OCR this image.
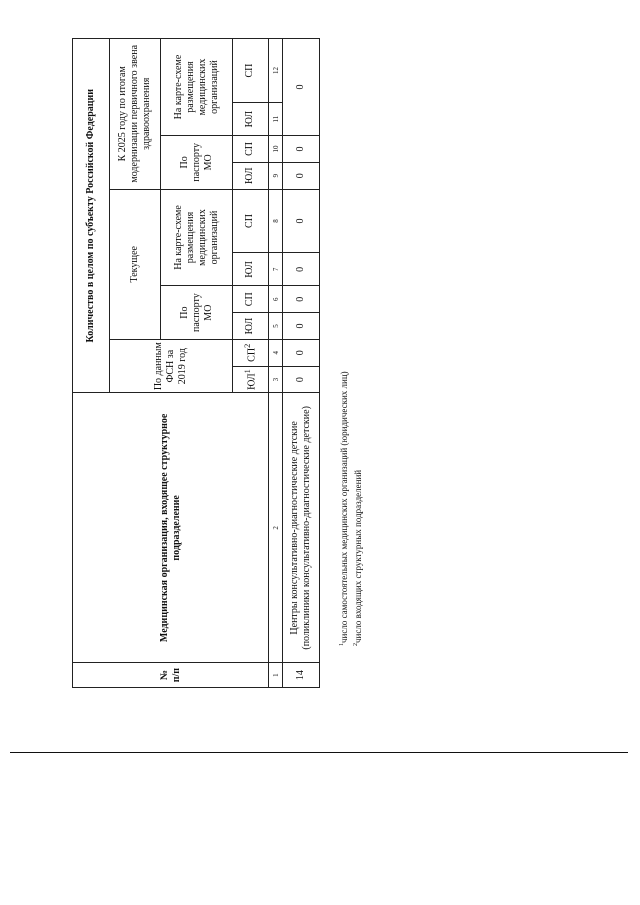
№ п/п	Медицинская организация, входящее структурное подразделение	Количество в целом по субъекту Российской Федерации									
		По данным ФСН за 2019 год		Текущее				К 2025 году по итогам модернизации первичного звена здравоохранения			
				По паспорту МО		На карте-схеме размещения медицинских организаций		По паспорту МО		На карте-схеме размещения медицинских организаций	
		$ЮЛ^1$	$СП^2$	ЮЛ	СП	ЮЛ	СП	ЮЛ	СП	ЮЛ	СП
1	2	3	4	5	6	7	8	9	10	11	12
14	Центры консультативно-диагностические детские (поликлиники консультативно-диагностические детские)	0	0	0	0	0	0	0	0	0	
$^1$число самостоятельных медицинских организаций (юридических лиц)
$^2$число входящих структурных подразделений
